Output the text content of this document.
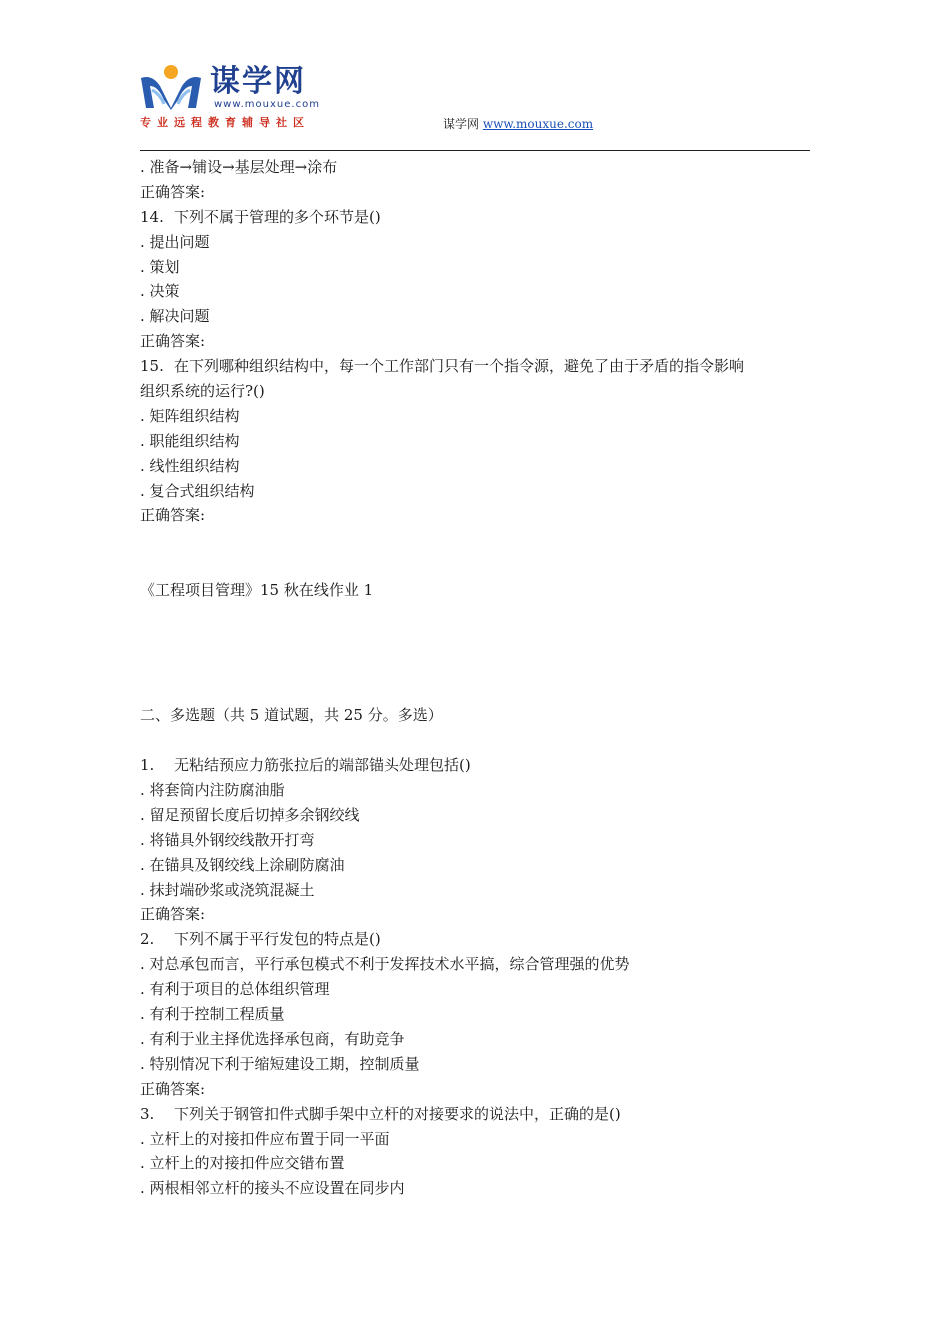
谋学网
www.mouxue.com
专业远程教育辅导社区	谋学网 www.mouxue.com
. 准备→铺设→基层处理→涂布
正确答案:
14. 下列不属于管理的多个环节是()
. 提出问题
. 策划
. 决策
. 解决问题
正确答案:
15. 在下列哪种组织结构中，每一个工作部门只有一个指令源，避免了由于矛盾的指令影响
组织系统的运行?()
. 矩阵组织结构
. 职能组织结构
. 线性组织结构
. 复合式组织结构
正确答案:
《工程项目管理》15 秋在线作业 1
二、多选题（共 5 道试题，共 25 分。多选）
1. 无粘结预应力筋张拉后的端部锚头处理包括()
. 将套筒内注防腐油脂
. 留足预留长度后切掉多余钢绞线
. 将锚具外钢绞线散开打弯
. 在锚具及钢绞线上涂刷防腐油
. 抹封端砂浆或浇筑混凝土
正确答案:
2. 下列不属于平行发包的特点是()
. 对总承包而言，平行承包模式不利于发挥技术水平搞，综合管理强的优势
. 有利于项目的总体组织管理
. 有利于控制工程质量
. 有利于业主择优选择承包商，有助竞争
. 特别情况下利于缩短建设工期，控制质量
正确答案:
3. 下列关于钢管扣件式脚手架中立杆的对接要求的说法中，正确的是()
. 立杆上的对接扣件应布置于同一平面
. 立杆上的对接扣件应交错布置
. 两根相邻立杆的接头不应设置在同步内
